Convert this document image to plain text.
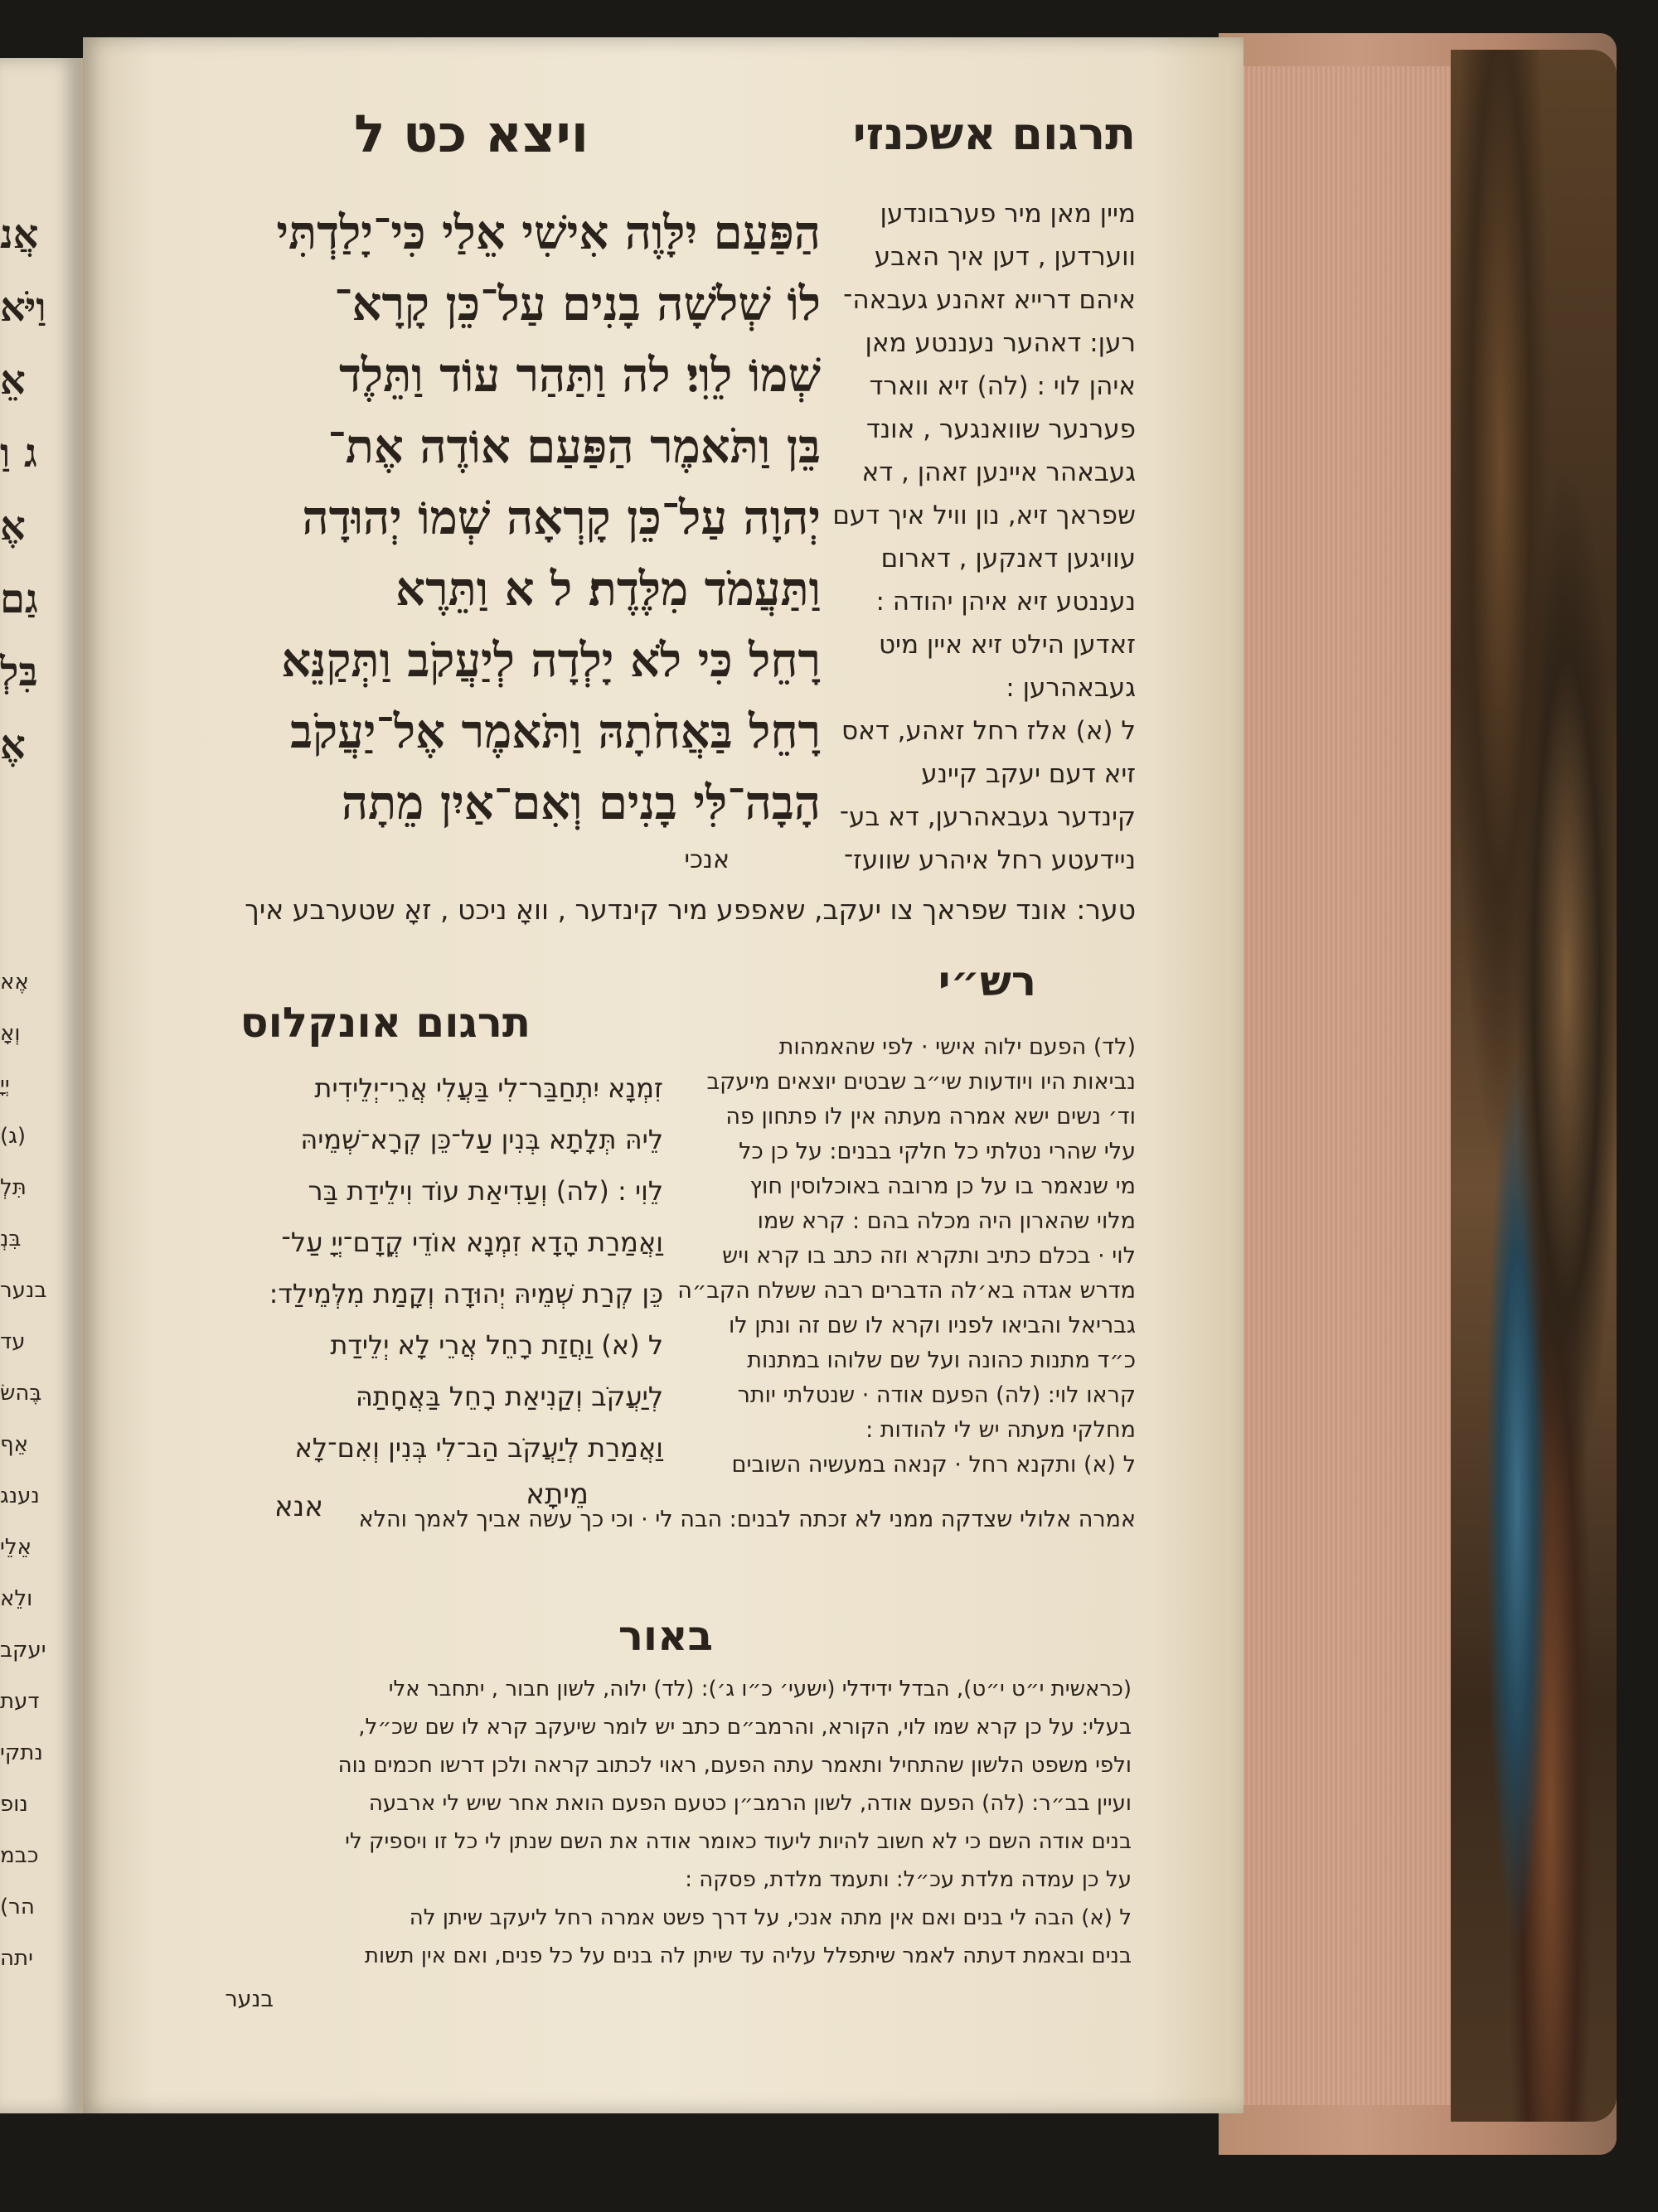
אֲנ
וַיֹּא
אֵ
ג וַ
אֶ
גַם
בִּלְ
אֶ
אֶא
וְאָ
יְיָ
(ג)
תִּלְ
בִּנְ
בנער
עד
בֶּהשׂ
אֵף
נענג
אֵלֵי
ולֵא
יעקב
דעת
נתקי
נופ
כבמ
(הר
יתה
תרגום אשכנזי
ויצא כט ל
מיין מאן מיר פערבונדען
ווערדען , דען איך האבע
איהם דרייא זאהנע געבאה־
רען: דאהער נעננטע מאן
איהן לוי : (לה) זיא ווארד
פערנער שוואנגער , אונד
געבאהר איינען זאהן , דא
שפראך זיא, נון וויל איך דעם
עוויגען דאנקען , דארום
נעננטע זיא איהן יהודה :
זאדען הילט זיא איין מיט
געבאהרען :
ל (א) אלז רחל זאהע, דאס
זיא דעם יעקב קיינע
קינדער געבאהרען, דא בע־
ניידעטע רחל איהרע שוועז־
טער: אונד שפראך צו יעקב, שאפפע מיר קינדער , וואָ ניכט , זאָ שטערבע איך
הַפַּעַם יִלָּוֶה אִישִׁי אֵלַי כִּי־יָלַדְתִּי
לוֹ שְׁלשָׁה בָנִים עַל־כֵּן קָרָא־
שְׁמוֹ לֵוִי׃ לה וַתַּהַר עוֹד וַתֵּלֶד
בֵּן וַתֹּאמֶר הַפַּעַם אוֹדֶה אֶת־
יְהוָה עַל־כֵּן קָרְאָה שְׁמוֹ יְהוּדָה
וַתַּעֲמֹד מִלֶּדֶת׃ ל א וַתֵּרֶא
רָחֵל כִּי לֹא יָלְדָה לְיַעֲקֹב וַתְּקַנֵּא
רָחֵל בַּאֲחֹתָהּ וַתֹּאמֶר אֶל־יַעֲקֹב
הָבָה־לִּי בָנִים וְאִם־אַיִן מֵתָה
אנכי
רש״י
(לד) הפעם ילוה אישי · לפי שהאמהות
נביאות היו ויודעות שי״ב שבטים יוצאים מיעקב
וד׳ נשים ישא אמרה מעתה אין לו פתחון פה
עלי שהרי נטלתי כל חלקי בבנים: על כן כל
מי שנאמר בו על כן מרובה באוכלוסין חוץ
מלוי שהארון היה מכלה בהם : קרא שמו
לוי · בכלם כתיב ותקרא וזה כתב בו קרא ויש
מדרש אגדה בא׳לה הדברים רבה ששלח הקב״ה
גבריאל והביאו לפניו וקרא לו שם זה ונתן לו
כ״ד מתנות כהונה ועל שם שלוהו במתנות
קראו לוי: (לה) הפעם אודה · שנטלתי יותר
מחלקי מעתה יש לי להודות :
ל (א) ותקנא רחל · קנאה במעשיה השובים
אמרה אלולי שצדקה ממני לא זכתה לבנים: הבה לי · וכי כך עשה אביך לאמך והלא
תרגום אונקלוס
זִמְנָא יִתְחַבַּר־לִי בַּעֲלִי אֲרֵי־יְלֵידִית
לֵיהּ תְּלָתָא בְּנִין עַל־כֵּן קְרָא־שְׁמֵיהּ
לֵוִי : (לה) וְעַדִיאַת עוֹד וִילֵידַת בַּר
וַאֲמַרַת הָדָא זִמְנָא אוֹדֵי קֳדָם־יְיָ עַל־
כֵּן קְרַת שְׁמֵיהּ יְהוּדָה וְקָמַת מִלְּמֵילַד:
ל (א) וַחֲזַת רָחֵל אֲרֵי לָא יְלֵידַת
לְיַעֲקֹב וְקַנִיאַת רָחֵל בַּאֲחָתַהּ
וַאֲמַרַת לְיַעֲקֹב הַב־לִי בְּנִין וְאִם־לָא
מֵיתָא
אנא
באור
(כראשית י״ט י״ט), הבדל ידידלי (ישעי׳ כ״ו ג׳): (לד) ילוה, לשון חבור , יתחבר אלי
בעלי: על כן קרא שמו לוי, הקורא, והרמב״ם כתב יש לומר שיעקב קרא לו שם שכ״ל,
ולפי משפט הלשון שהתחיל ותאמר עתה הפעם, ראוי לכתוב קראה ולכן דרשו חכמים נוה
ועיין בב״ר: (לה) הפעם אודה, לשון הרמב״ן כטעם הפעם הואת אחר שיש לי ארבעה
בנים אודה השם כי לא חשוב להיות ליעוד כאומר אודה את השם שנתן לי כל זו ויספיק לי
על כן עמדה מלדת עכ״ל: ותעמד מלדת, פסקה :
ל (א) הבה לי בנים ואם אין מתה אנכי, על דרך פשט אמרה רחל ליעקב שיתן לה
בנים ובאמת דעתה לאמר שיתפלל עליה עד שיתן לה בנים על כל פנים, ואם אין תשות
בנער
